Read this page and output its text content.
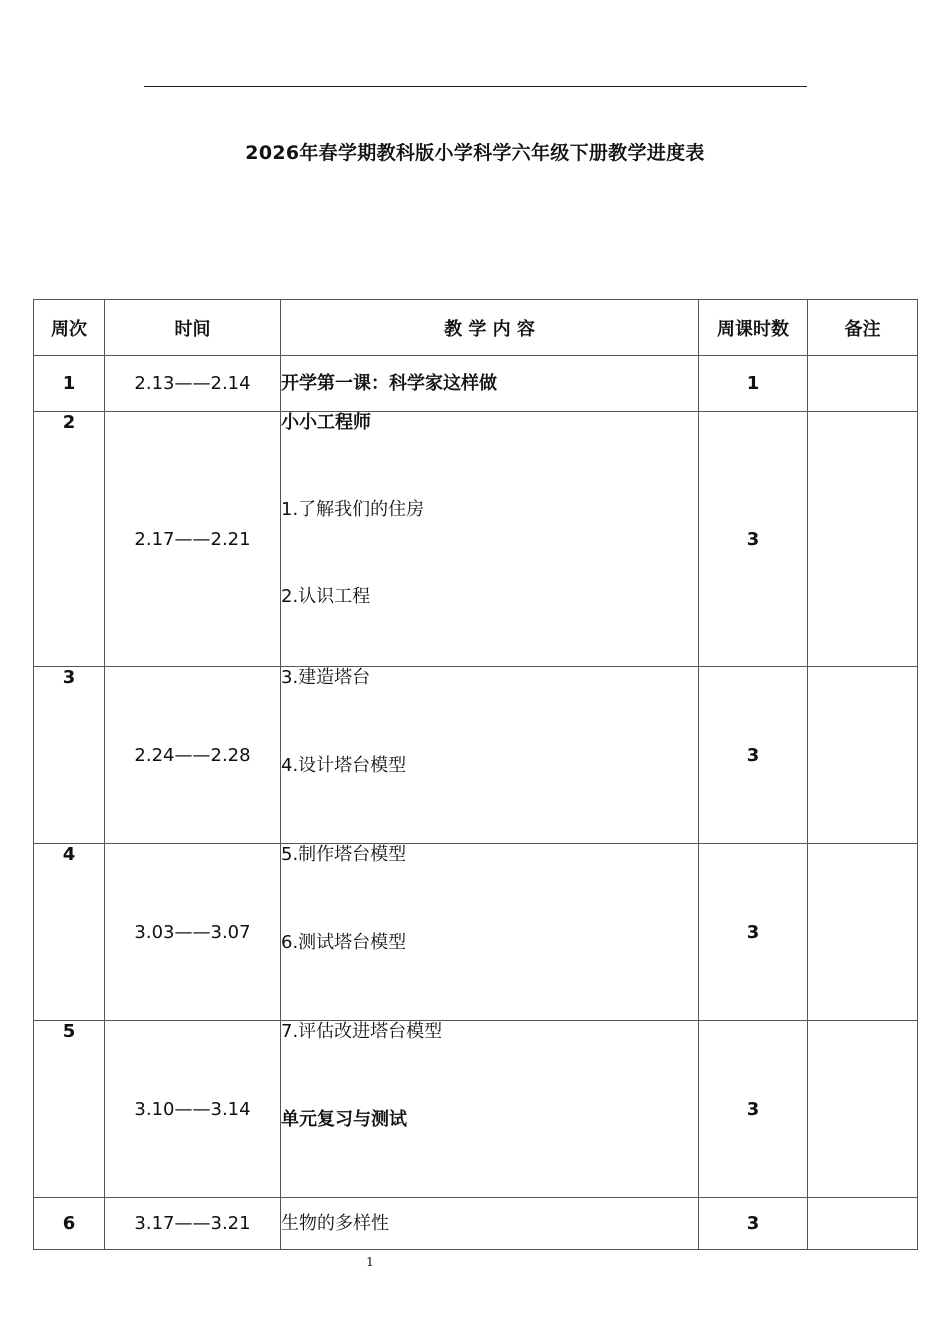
2026年春学期教科版小学科学六年级下册教学进度表
周次	时间	教 学 内 容	周课时数	备注
1	2.13——2.14	开学第一课：科学家这样做	1	
2	2.17——2.21	小小工程师
1.了解我们的住房
2.认识工程	3	
3	2.24——2.28	3.建造塔台
4.设计塔台模型	3	
4	3.03——3.07	5.制作塔台模型
6.测试塔台模型	3	
5	3.10——3.14	7.评估改进塔台模型
单元复习与测试	3	
6	3.17——3.21	生物的多样性	3	
1
